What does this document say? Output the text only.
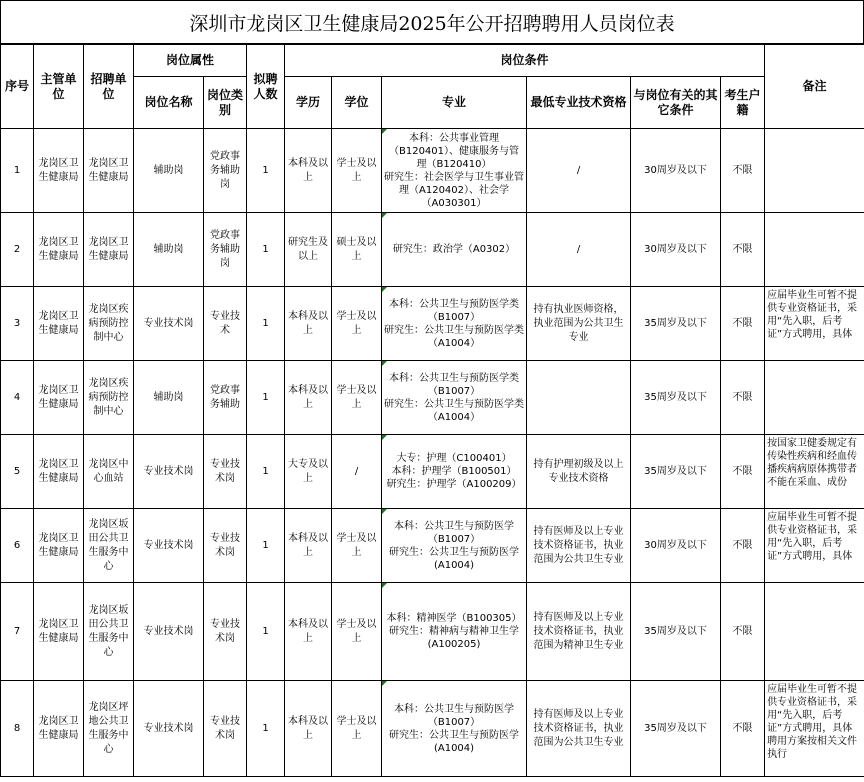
深圳市龙岗区卫生健康局2025年公开招聘聘用人员岗位表
序号	主管单位	招聘单位	岗位属性		拟聘人数	岗位条件						备注
			岗位名称	岗位类别		学历	学位	专业	最低专业技术资格	与岗位有关的其它条件	考生户籍	
1	龙岗区卫生健康局	龙岗区卫生健康局	辅助岗	党政事务辅助岗	1	本科及以上	学士及以上	本科：公共事业管理（B120401）、健康服务与管理（B120410）
研究生：社会医学与卫生事业管理（A120402）、社会学（A030301）	/	30周岁及以下	不限	
2	龙岗区卫生健康局	龙岗区卫生健康局	辅助岗	党政事务辅助岗	1	研究生及以上	硕士及以上	研究生：政治学（A0302）	/	30周岁及以下	不限	
3	龙岗区卫生健康局	龙岗区疾病预防控制中心	专业技术岗	专业技术	1	本科及以上	学士及以上	本科：公共卫生与预防医学类（B1007）
研究生：公共卫生与预防医学类（A1004）	持有执业医师资格，执业范围为公共卫生专业	35周岁及以下	不限	应届毕业生可暂不提供专业资格证书，采用“先入职，后考证”方式聘用，具体
4	龙岗区卫生健康局	龙岗区疾病预防控制中心	辅助岗	党政事务辅助	1	本科及以上	学士及以上	本科：公共卫生与预防医学类（B1007）
研究生：公共卫生与预防医学类（A1004）		35周岁及以下	不限	
5	龙岗区卫生健康局	龙岗区中心血站	专业技术岗	专业技术岗	1	大专及以上	/	大专：护理（C100401）
本科：护理学（B100501）
研究生：护理学（A100209）	持有护理初级及以上
专业技术资格	35周岁及以下	不限	按国家卫健委规定有传染性疾病和经血传播疾病病原体携带者不能在采血、成份
6	龙岗区卫生健康局	龙岗区坂田公共卫生服务中心	专业技术岗	专业技术岗	1	本科及以上	学士及以上	本科：公共卫生与预防医学（B1007）
研究生：公共卫生与预防医学(A1004)	持有医师及以上专业技术资格证书，执业范围为公共卫生专业	30周岁及以下	不限	应届毕业生可暂不提供专业资格证书，采用“先入职，后考证”方式聘用，具体
7	龙岗区卫生健康局	龙岗区坂田公共卫生服务中心	专业技术岗	专业技术岗	1	本科及以上	学士及以上	本科：精神医学（B100305）
研究生：精神病与精神卫生学(A100205)	持有医师及以上专业技术资格证书，执业范围为精神卫生专业	35周岁及以下	不限	
8	龙岗区卫生健康局	龙岗区坪地公共卫生服务中心	专业技术岗	专业技术岗	1	本科及以上	学士及以上	本科：公共卫生与预防医学（B1007）
研究生：公共卫生与预防医学(A1004)	持有医师及以上专业技术资格证书，执业范围为公共卫生专业	35周岁及以下	不限	应届毕业生可暂不提供专业资格证书，采用“先入职，后考证”方式聘用，具体聘用方案按相关文件执行
